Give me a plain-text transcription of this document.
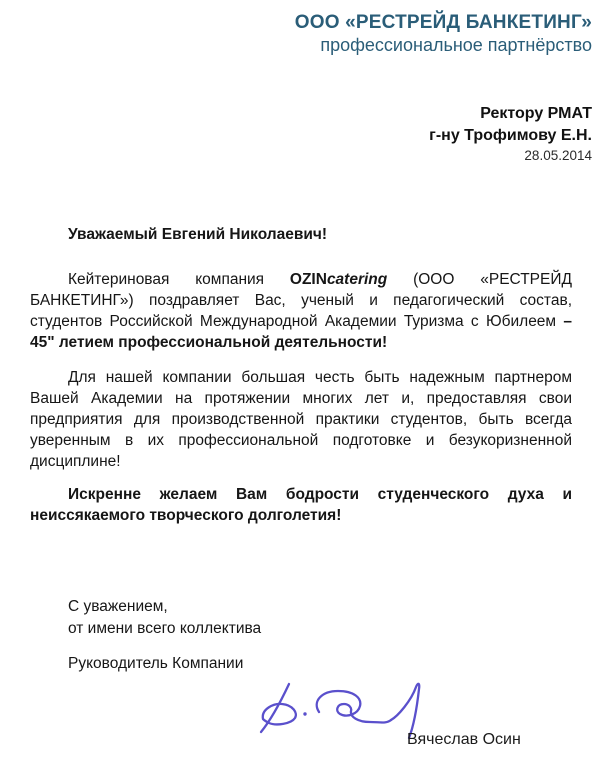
ООО «РЕСТРЕЙД БАНКЕТИНГ»
профессиональное партнёрство
Ректору РМАТ
г-ну Трофимову Е.Н.
28.05.2014
Уважаемый Евгений Николаевич!

Кейтериновая компания OZINcatering (ООО «РЕСТРЕЙД БАНКЕТИНГ») поздравляет Вас, ученый и педагогический состав, студентов Российской Международной Академии Туризма с Юбилеем – 45" летием профессиональной деятельности!

Для нашей компании большая честь быть надежным партнером Вашей Академии на протяжении многих лет и, предоставляя свои предприятия для производственной практики студентов, быть всегда уверенным в их профессиональной подготовке и безукоризненной дисциплине!

Искренне желаем Вам бодрости студенческого духа и неиссякаемого творческого долголетия!

С уважением,
от имени всего коллектива
Руководитель Компании
Вячеслав Осин
